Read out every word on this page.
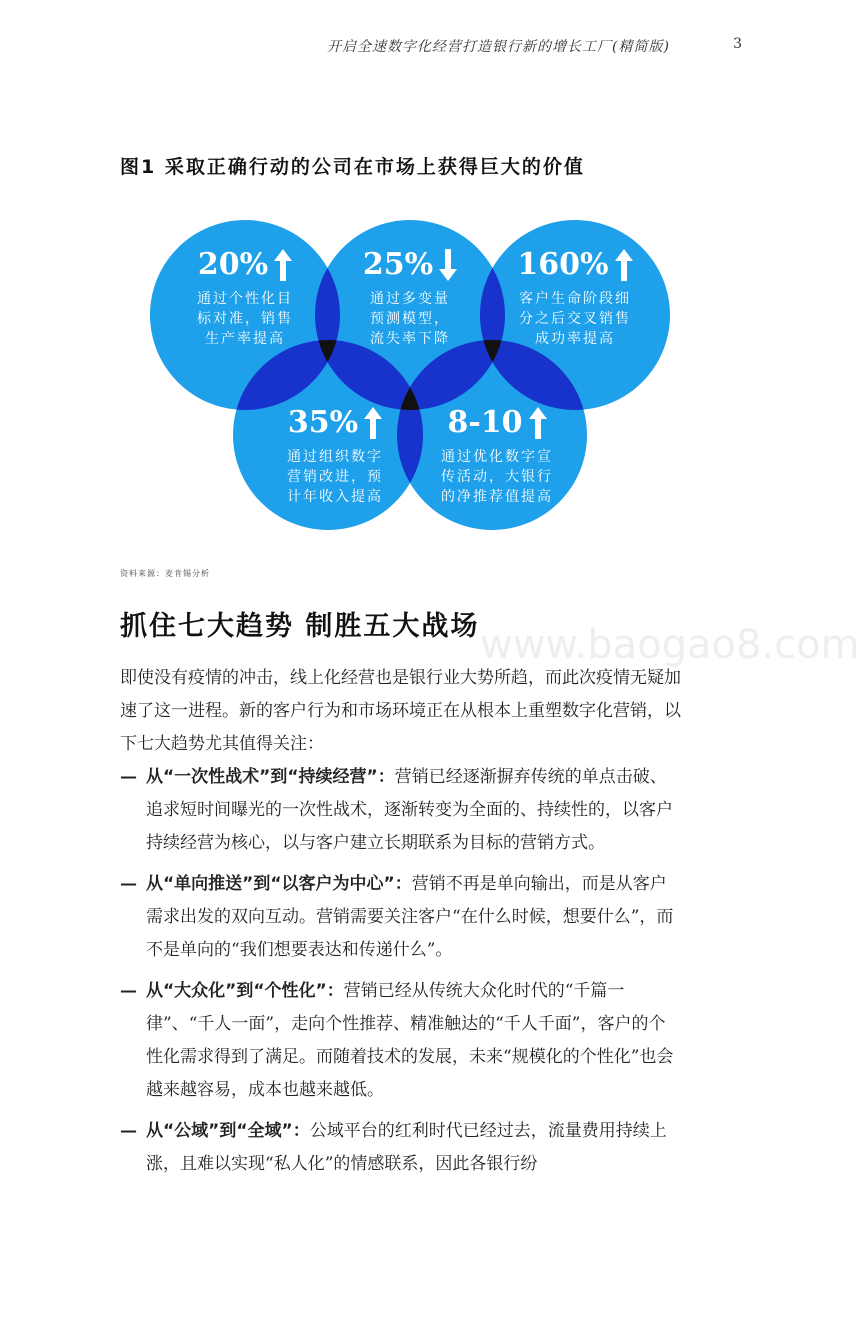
开启全速数字化经营打造银行新的增长工厂(精简版)	3
图1 采取正确行动的公司在市场上获得巨大的价值
20%
通过个性化目
标对准，销售
生产率提高
25%
通过多变量
预测模型，
流失率下降
160%
客户生命阶段细
分之后交叉销售
成功率提高
35%
通过组织数字
营销改进，预
计年收入提高
8-10
通过优化数字宣
传活动，大银行
的净推荐值提高
资料来源：麦肯锡分析
www.baogao8.com
抓住七大趋势 制胜五大战场
即使没有疫情的冲击，线上化经营也是银行业大势所趋，而此次疫情无疑加速了这一进程。新的客户行为和市场环境正在从根本上重塑数字化营销，以下七大趋势尤其值得关注：
— 从“一次性战术”到“持续经营”：营销已经逐渐摒弃传统的单点击破、追求短时间曝光的一次性战术，逐渐转变为全面的、持续性的，以客户持续经营为核心，以与客户建立长期联系为目标的营销方式。
— 从“单向推送”到“以客户为中心”：营销不再是单向输出，而是从客户需求出发的双向互动。营销需要关注客户“在什么时候，想要什么”，而不是单向的“我们想要表达和传递什么”。
— 从“大众化”到“个性化”：营销已经从传统大众化时代的“千篇一律”、“千人一面”，走向个性推荐、精准触达的“千人千面”，客户的个性化需求得到了满足。而随着技术的发展，未来“规模化的个性化”也会越来越容易，成本也越来越低。
— 从“公域”到“全域”：公域平台的红利时代已经过去，流量费用持续上涨，且难以实现“私人化”的情感联系，因此各银行纷
